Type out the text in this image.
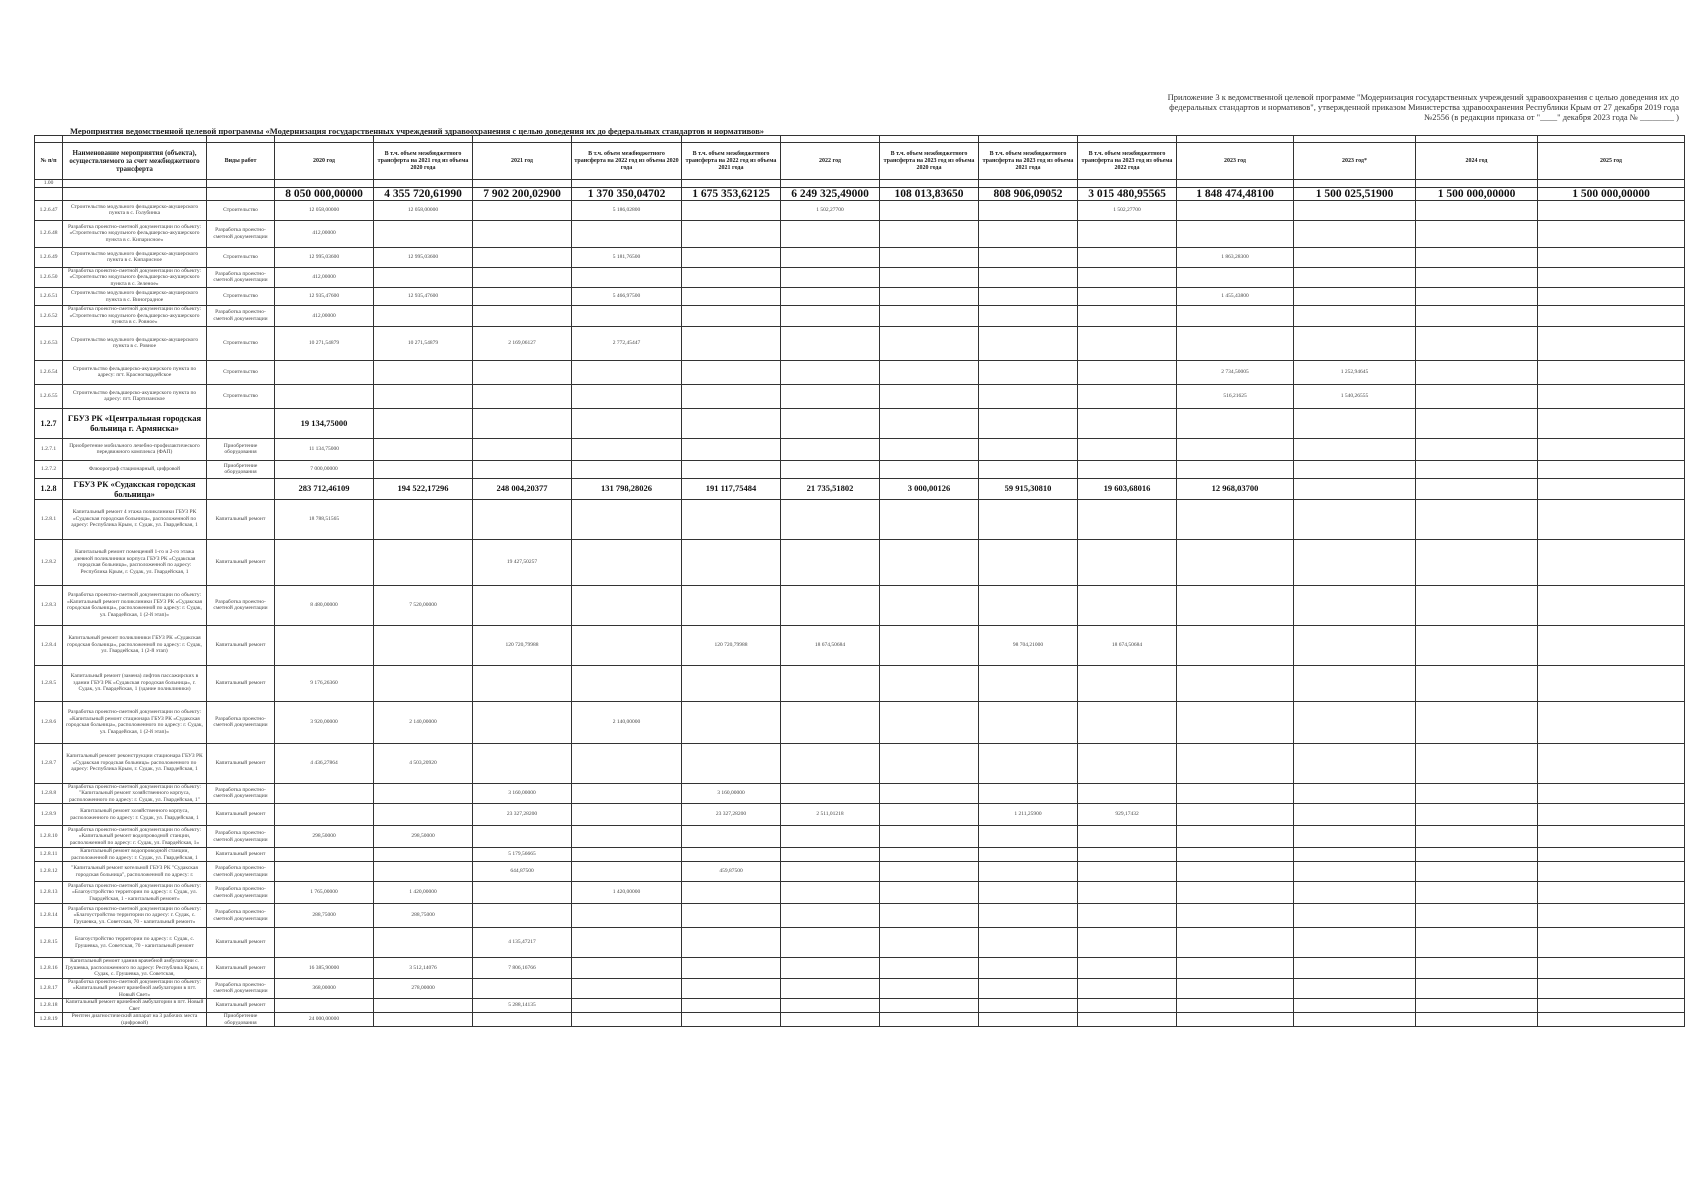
Приложение 3 к ведомственной целевой программе "Модернизация государственных учреждений здравоохранения с целью доведения их до федеральных стандартов и нормативов", утвержденной приказом Министерства здравоохранения Республики Крым от 27 декабря 2019 года №2556 (в редакции приказа от "____" декабря 2023 года № ________ )
Мероприятия ведомственной целевой программы «Модернизация государственных учреждений здравоохранения с целью доведения их до федеральных стандартов и нормативов»

№ п/п	Наименование мероприятия (объекта), осуществляемого за счет межбюджетного трансферта	Виды работ	2020 год	В т.ч. объем межбюджетного трансферта на 2021 год из объема 2020 года	2021 год	В т.ч. объем межбюджетного трансферта на 2022 год из объема 2020 года	В т.ч. объем межбюджетного трансферта на 2022 год из объема 2021 года	2022 год	В т.ч. объем межбюджетного трансферта на 2023 год из объема 2020 года	В т.ч. объем межбюджетного трансферта на 2023 год из объема 2021 года	В т.ч. объем межбюджетного трансферта на 2023 год из объема 2022 года	2023 год	2023 год*	2024 год	2025 год
1.00															
			8 050 000,00000	4 355 720,61990	7 902 200,02900	1 370 350,04702	1 675 353,62125	6 249 325,49000	108 013,83650	808 906,09052	3 015 480,95565	1 848 474,48100	1 500 025,51900	1 500 000,00000	1 500 000,00000
1.2.6.47	Строительство модульного фельдшерско-акушерского пункта в с. Голубинка	Строительство	12 058,00000	12 058,00000		5 186,02800		1 502,27700			1 502,27700				
1.2.6.48	Разработка проектно-сметной документации по объекту: «Строительство модульного фельдшерско-акушерского пункта в с. Кипарисное»	Разработка проектно-сметной документации	412,00000												
1.2.6.49	Строительство модульного фельдшерско-акушерского пункта в с. Кипарисное	Строительство	12 995,03600	12 995,03600		5 181,76500						1 863,28300			
1.2.6.50	Разработка проектно-сметной документации по объекту: «Строительство модульного фельдшерско-акушерского пункта в с. Зеленое»	Разработка проектно-сметной документации	412,00000												
1.2.6.51	Строительство модульного фельдшерско-акушерского пункта в с. Виноградное	Строительство	12 935,47600	12 935,47600		5 466,97500						1 455,43800			
1.2.6.52	Разработка проектно-сметной документации по объекту: «Строительство модульного фельдшерско-акушерского пункта в с. Ровное»	Разработка проектно-сметной документации	412,00000												
1.2.6.53	Строительство модульного фельдшерско-акушерского пункта в с. Ровное	Строительство	10 271,54879	10 271,54879	2 169,06127	2 772,45447									
1.2.6.54	Строительство фельдшерско-акушерского пункта по адресу: пгт. Красногвардейское	Строительство										2 734,50005	1 252,94645		
1.2.6.55	Строительство фельдшерско-акушерского пункта по адресу: пгт. Партизанское	Строительство										516,21625	1 540,26555		
1.2.7	ГБУЗ РК «Центральная городская больница г. Армянска»		19 134,75000												
1.2.7.1	Приобретение мобильного лечебно-профилактического передвижного комплекса (ФАП)	Приобретение оборудования	11 134,75000												
1.2.7.2	Флюорограф стационарный, цифровой	Приобретение оборудования	7 000,00000												
1.2.8	ГБУЗ РК «Судакская городская больница»		283 712,46109	194 522,17296	248 004,20377	131 798,28026	191 117,75484	21 735,51802	3 000,00126	59 915,30810	19 603,68016	12 968,03700			
1.2.8.1	Капитальный ремонт 4 этажа поликлиники ГБУЗ РК «Судакская городская больница», расположенной по адресу: Республика Крым, г. Судак, ул. Гвардейская, 1	Капитальный ремонт	18 788,51565												
1.2.8.2	Капитальный ремонт помещений 1-го и 2-го этажа дневной поликлиники корпуса ГБУЗ РК «Судакская городская больница», расположенной по адресу: Республика Крым, г. Судак, ул. Гвардейская, 1	Капитальный ремонт			19 427,50257										
1.2.8.3	Разработка проектно-сметной документации по объекту: «Капитальный ремонт поликлиники ГБУЗ РК «Судакская городская больница», расположенной по адресу: г. Судак, ул. Гвардейская, 1 (2-й этап)»	Разработка проектно-сметной документации	8 480,00000	7 520,00000											
1.2.8.4	Капитальный ремонт поликлиники ГБУЗ РК «Судакская городская больница», расположенной по адресу: г. Судак, ул. Гвардейская, 1 (2-й этап)	Капитальный ремонт			120 720,79988		120 720,79988	18 674,50684		98 704,21000	18 674,50684				
1.2.8.5	Капитальный ремонт (замена) лифтов пассажирских в здании ГБУЗ РК «Судакская городская больница», г. Судак, ул. Гвардейская, 1 (здание поликлиники)	Капитальный ремонт	9 176,26360												
1.2.8.6	Разработка проектно-сметной документации по объекту: «Капитальный ремонт стационара ГБУЗ РК «Судакская городская больница», расположенного по адресу: г. Судак, ул. Гвардейская, 1 (2-й этап)»	Разработка проектно-сметной документации	3 920,00000	2 140,00000		2 140,00000									
1.2.8.7	Капитальный ремонт реконструкции стационара ГБУЗ РК «Судакская городская больница» расположенного по адресу: Республика Крым, г. Судак, ул. Гвардейская, 1	Капитальный ремонт	4 436,27864	4 503,20920											
1.2.8.8	Разработка проектно-сметной документации по объекту: "Капитальный ремонт хозяйственного корпуса, расположенного по адресу: г. Судак, ул. Гвардейская, 1"	Разработка проектно-сметной документации			3 160,00000		3 160,00000								
1.2.8.9	Капитальный ремонт хозяйственного корпуса, расположенного по адресу: г. Судак, ул. Гвардейская, 1	Капитальный ремонт			23 327,28200		23 327,28200	2 511,01218		1 211,25900	929,17432				
1.2.8.10	Разработка проектно-сметной документации по объекту: «Капитальный ремонт водопроводной станции, расположенной по адресу: г. Судак, ул. Гвардейская, 1»	Разработка проектно-сметной документации	298,50000	298,50000											
1.2.8.11	Капитальный ремонт водопроводной станции, расположенной по адресу: г. Судак, ул. Гвардейская, 1	Капитальный ремонт			5 179,56665										
1.2.8.12	"Капитальный ремонт котельной ГБУЗ РК "Судакская городская больница", расположенной по адресу: г.	Разработка проектно-сметной документации			644,87500		459,87500								
1.2.8.13	Разработка проектно-сметной документации по объекту: «Благоустройство территории по адресу: г. Судак, ул. Гвардейская, 1 - капитальный ремонт»	Разработка проектно-сметной документации	1 765,00000	1 420,00000		1 420,00000									
1.2.8.14	Разработка проектно-сметной документации по объекту: «Благоустройство территории по адресу: г. Судак, с. Грушевка, ул. Советская, 70 - капитальный ремонт»	Разработка проектно-сметной документации	288,75000	288,75000											
1.2.8.15	Благоустройство территории по адресу: г. Судак, с. Грушевка, ул. Советская, 70 - капитальный ремонт	Капитальный ремонт			4 135,47217										
1.2.8.16	Капитальный ремонт здания врачебной амбулатории с. Грушевка, расположенного по адресу: Республика Крым, г. Судак, с. Грушевка, ул. Советская,	Капитальный ремонт	16 385,90000	3 512,14076	7 806,16766										
1.2.8.17	Разработка проектно-сметной документации по объекту: «Капитальный ремонт врачебной амбулатории в пгт. Новый Свет»	Разработка проектно-сметной документации	368,00000	278,00000											
1.2.8.18	Капитальный ремонт врачебной амбулатории в пгт. Новый Свет	Капитальный ремонт			5 288,14135										
1.2.8.19	Рентген диагностический аппарат на 3 рабочих места (цифровой)	Приобретение оборудования	24 000,00000												
